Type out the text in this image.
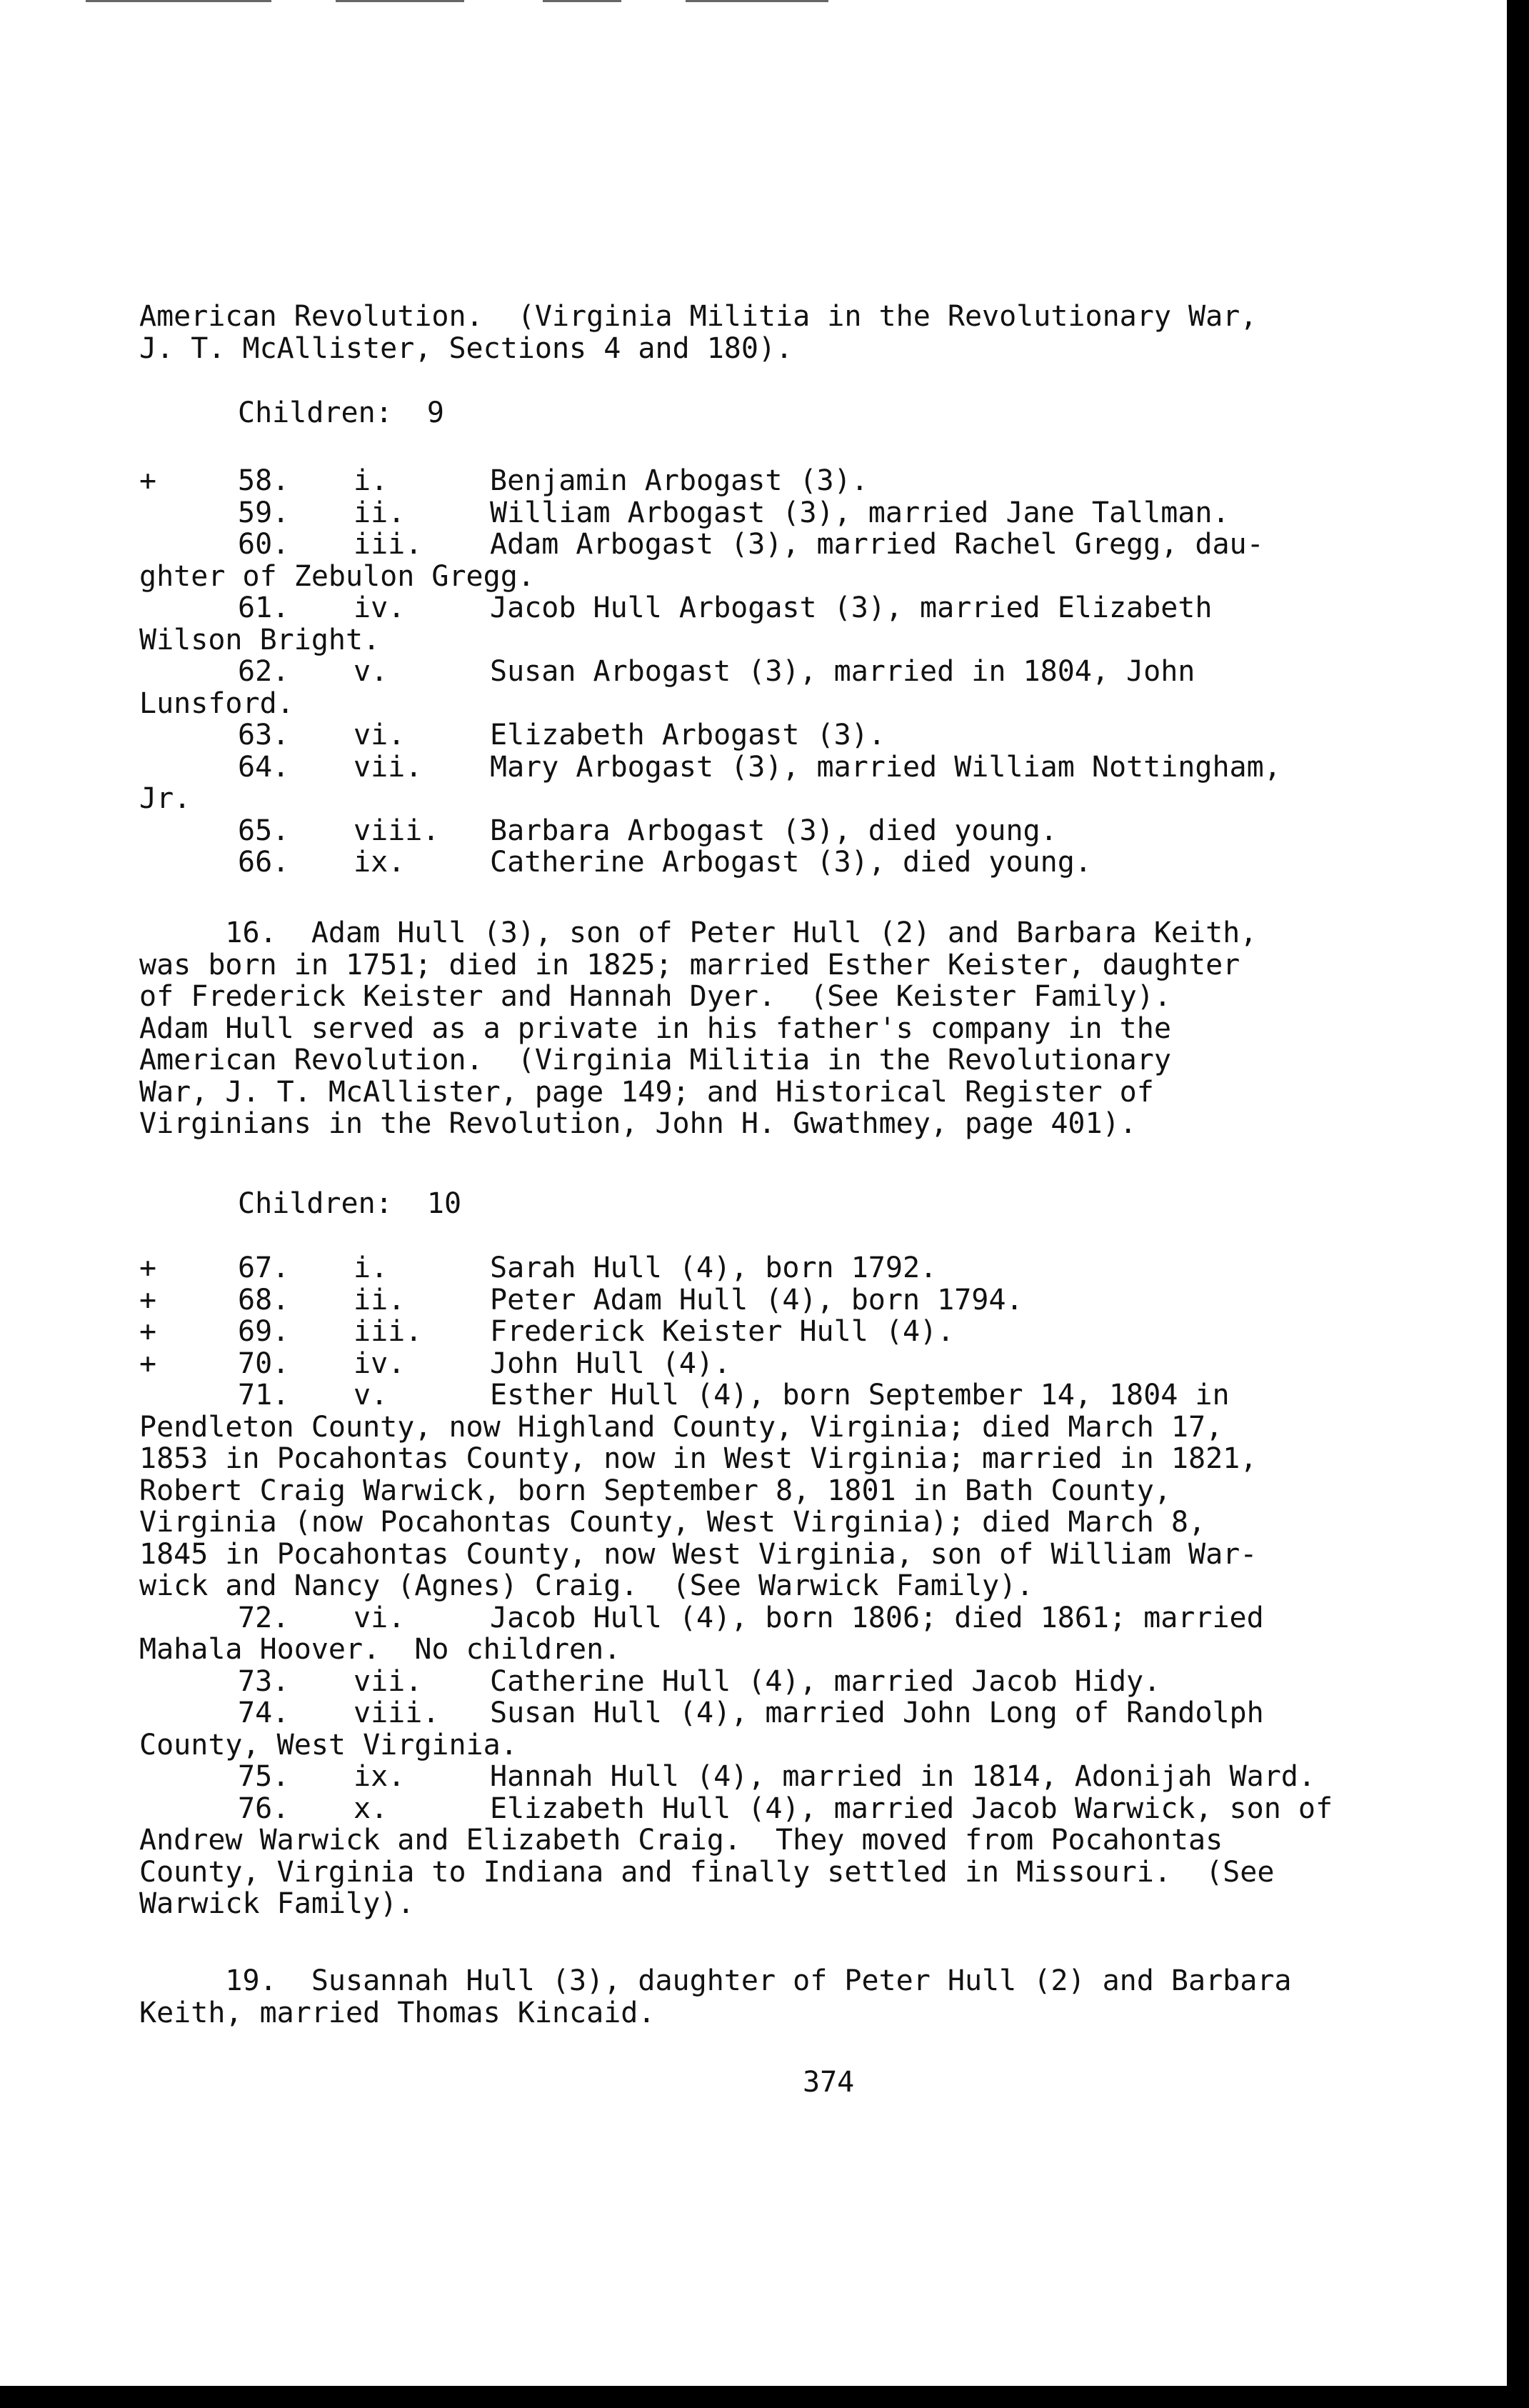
American Revolution.  (Virginia Militia in the Revolutionary War,
J. T. McAllister, Sections 4 and 180).
Children:  9
+	58. i.	Benjamin Arbogast (3).
59. ii.	William Arbogast (3), married Jane Tallman.
60. iii. Adam Arbogast (3), married Rachel Gregg, dau-
ghter of Zebulon Gregg.
61. iv.	Jacob Hull Arbogast (3), married Elizabeth
Wilson Bright.
62. v.	Susan Arbogast (3), married in 1804, John
Lunsford.
63. vi.	Elizabeth Arbogast (3).
64. vii. Mary Arbogast (3), married William Nottingham,
Jr.
65. viii. Barbara Arbogast (3), died young.
66. ix.	Catherine Arbogast (3), died young.
16.  Adam Hull (3), son of Peter Hull (2) and Barbara Keith,
was born in 1751; died in 1825; married Esther Keister, daughter
of Frederick Keister and Hannah Dyer.  (See Keister Family).
Adam Hull served as a private in his father's company in the
American Revolution.  (Virginia Militia in the Revolutionary
War, J. T. McAllister, page 149; and Historical Register of
Virginians in the Revolution, John H. Gwathmey, page 401).
Children:  10
+	67. i.	Sarah Hull (4), born 1792.
+	68. ii.	Peter Adam Hull (4), born 1794.
+	69. iii. Frederick Keister Hull (4).
+	70. iv.	John Hull (4).
71. v.	Esther Hull (4), born September 14, 1804 in
Pendleton County, now Highland County, Virginia; died March 17,
1853 in Pocahontas County, now in West Virginia; married in 1821,
Robert Craig Warwick, born September 8, 1801 in Bath County,
Virginia (now Pocahontas County, West Virginia); died March 8,
1845 in Pocahontas County, now West Virginia, son of William War-
wick and Nancy (Agnes) Craig.  (See Warwick Family).
72. vi.	Jacob Hull (4), born 1806; died 1861; married
Mahala Hoover.  No children.
73. vii. Catherine Hull (4), married Jacob Hidy.
74. viii. Susan Hull (4), married John Long of Randolph
County, West Virginia.
75. ix.	Hannah Hull (4), married in 1814, Adonijah Ward.
76. x.	Elizabeth Hull (4), married Jacob Warwick, son of
Andrew Warwick and Elizabeth Craig.  They moved from Pocahontas
County, Virginia to Indiana and finally settled in Missouri.  (See
Warwick Family).
19.  Susannah Hull (3), daughter of Peter Hull (2) and Barbara
Keith, married Thomas Kincaid.
374
